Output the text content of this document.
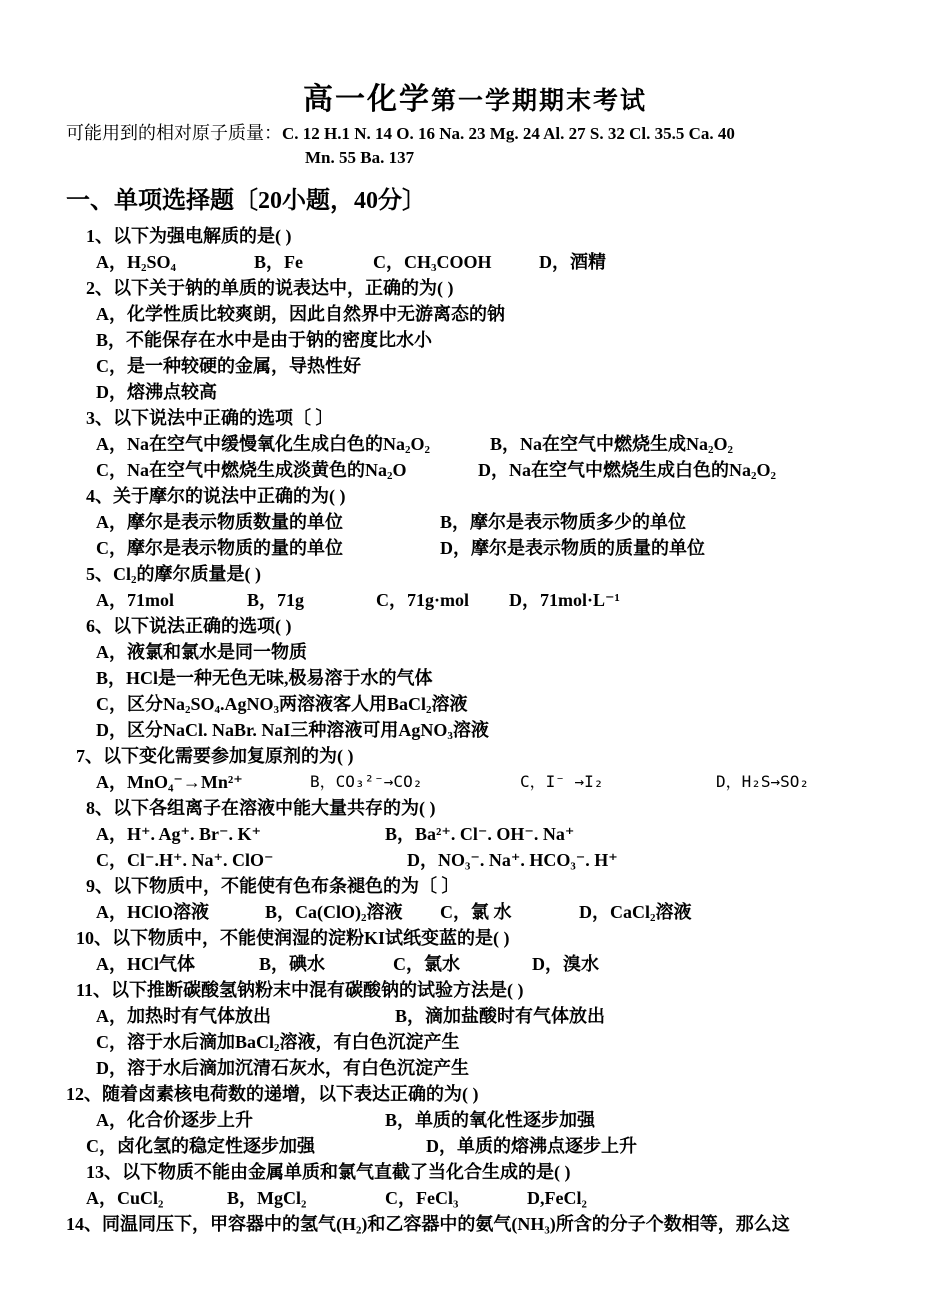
高一化学第一学期期末考试
可能用到的相对原子质量：C. 12 H.1 N. 14 O. 16 Na. 23 Mg. 24 Al. 27 S. 32 Cl. 35.5 Ca. 40
Mn. 55 Ba. 137
一、单项选择题〔20小题，40分〕
1、以下为强电解质的是( )
A，$H_2SO_4$	B，Fe	C，$CH_3COOH$	D，酒精
2、以下关于钠的单质的说表达中，正确的为( )
A，化学性质比较爽朗，因此自然界中无游离态的钠
B，不能保存在水中是由于钠的密度比水小
C，是一种较硬的金属，导热性好
D，熔沸点较高
3、以下说法中正确的选项〔 〕
A，Na在空气中缓慢氧化生成白色的$Na_2O_2$	B，Na在空气中燃烧生成$Na_2O_2$
C，Na在空气中燃烧生成淡黄色的$Na_2O$	D，Na在空气中燃烧生成白色的$Na_2O_2$
4、关于摩尔的说法中正确的为( )
A，摩尔是表示物质数量的单位	B，摩尔是表示物质多少的单位
C，摩尔是表示物质的量的单位	D，摩尔是表示物质的质量的单位
5、$Cl_2$的摩尔质量是( )
A，71mol	B，71g	C，71g·mol D，71mol·L⁻¹
6、以下说法正确的选项( )
A，液氯和氯水是同一物质
B，HCl是一种无色无味,极易溶于水的气体
C，区分$Na_2SO_4.AgNO_3$两溶液客人用BaCl$_2$溶液
D，区分NaCl. NaBr. NaI三种溶液可用AgNO$_3$溶液
7、以下变化需要参加复原剂的为( )
A，MnO₄⁻→Mn²⁺	B，CO₃²⁻→CO₂	C，I⁻ →I₂	D，H₂S→SO₂
8、以下各组离子在溶液中能大量共存的为( )
A，H⁺. Ag⁺. Br⁻. K⁺	B，Ba²⁺. Cl⁻. OH⁻. Na⁺
C，Cl⁻.H⁺. Na⁺. ClO⁻	D，NO₃⁻. Na⁺. HCO₃⁻. H⁺
9、以下物质中，不能使有色布条褪色的为〔 〕
A，HClO溶液	B，$Ca(ClO)_2$溶液 C，氯 水	D，CaCl$_2$溶液
10、以下物质中，不能使润湿的淀粉KI试纸变蓝的是( )
A，HCl气体	B，碘水	C，氯水	D，溴水
11、以下推断碳酸氢钠粉末中混有碳酸钠的试验方法是( )
A，加热时有气体放出	B，滴加盐酸时有气体放出
C，溶于水后滴加BaCl$_2$溶液，有白色沉淀产生
D，溶于水后滴加沉清石灰水，有白色沉淀产生
12、随着卤素核电荷数的递增，以下表达正确的为( )
A，化合价逐步上升	B，单质的氧化性逐步加强
C，卤化氢的稳定性逐步加强	D，单质的熔沸点逐步上升
13、以下物质不能由金属单质和氯气直截了当化合生成的是( )
A，CuCl₂	B，MgCl₂	C，FeCl₃	D,FeCl₂
14、同温同压下，甲容器中的氢气(H₂)和乙容器中的氨气(NH₃)所含的分子个数相等，那么这
